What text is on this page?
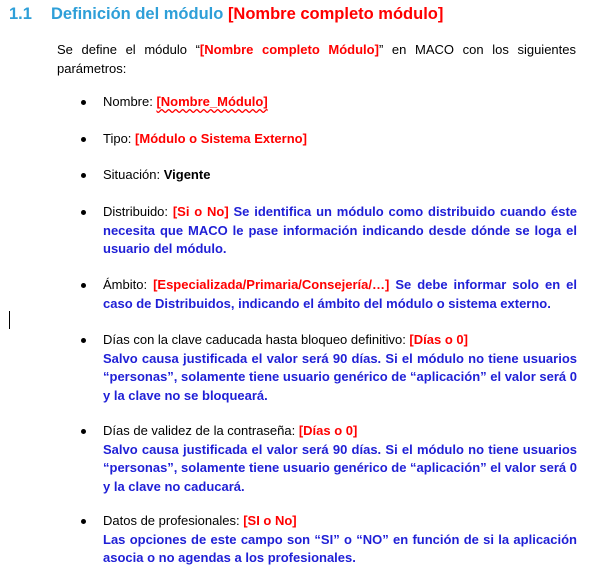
1.1 Definición del módulo [Nombre completo módulo]

Se define el módulo “[Nombre completo Módulo]” en MACO con los siguientes parámetros:

Nombre: [Nombre_Módulo]
Tipo: [Módulo o Sistema Externo]
Situación: Vigente
Distribuido: [Si o No] Se identifica un módulo como distribuido cuando éste necesita que MACO le pase información indicando desde dónde se loga el usuario del módulo.
Ámbito: [Especializada/Primaria/Consejería/…] Se debe informar solo en el caso de Distribuidos, indicando el ámbito del módulo o sistema externo.
Días con la clave caducada hasta bloqueo definitivo: [Días o 0]
Salvo causa justificada el valor será 90 días. Si el módulo no tiene usuarios “personas”, solamente tiene usuario genérico de “aplicación” el valor será 0 y la clave no se bloqueará.
Días de validez de la contraseña: [Días o 0]
Salvo causa justificada el valor será 90 días. Si el módulo no tiene usuarios “personas”, solamente tiene usuario genérico de “aplicación” el valor será 0 y la clave no caducará.
Datos de profesionales: [SI o No]
Las opciones de este campo son “SI” o “NO” en función de si la aplicación asocia o no agendas a los profesionales.
